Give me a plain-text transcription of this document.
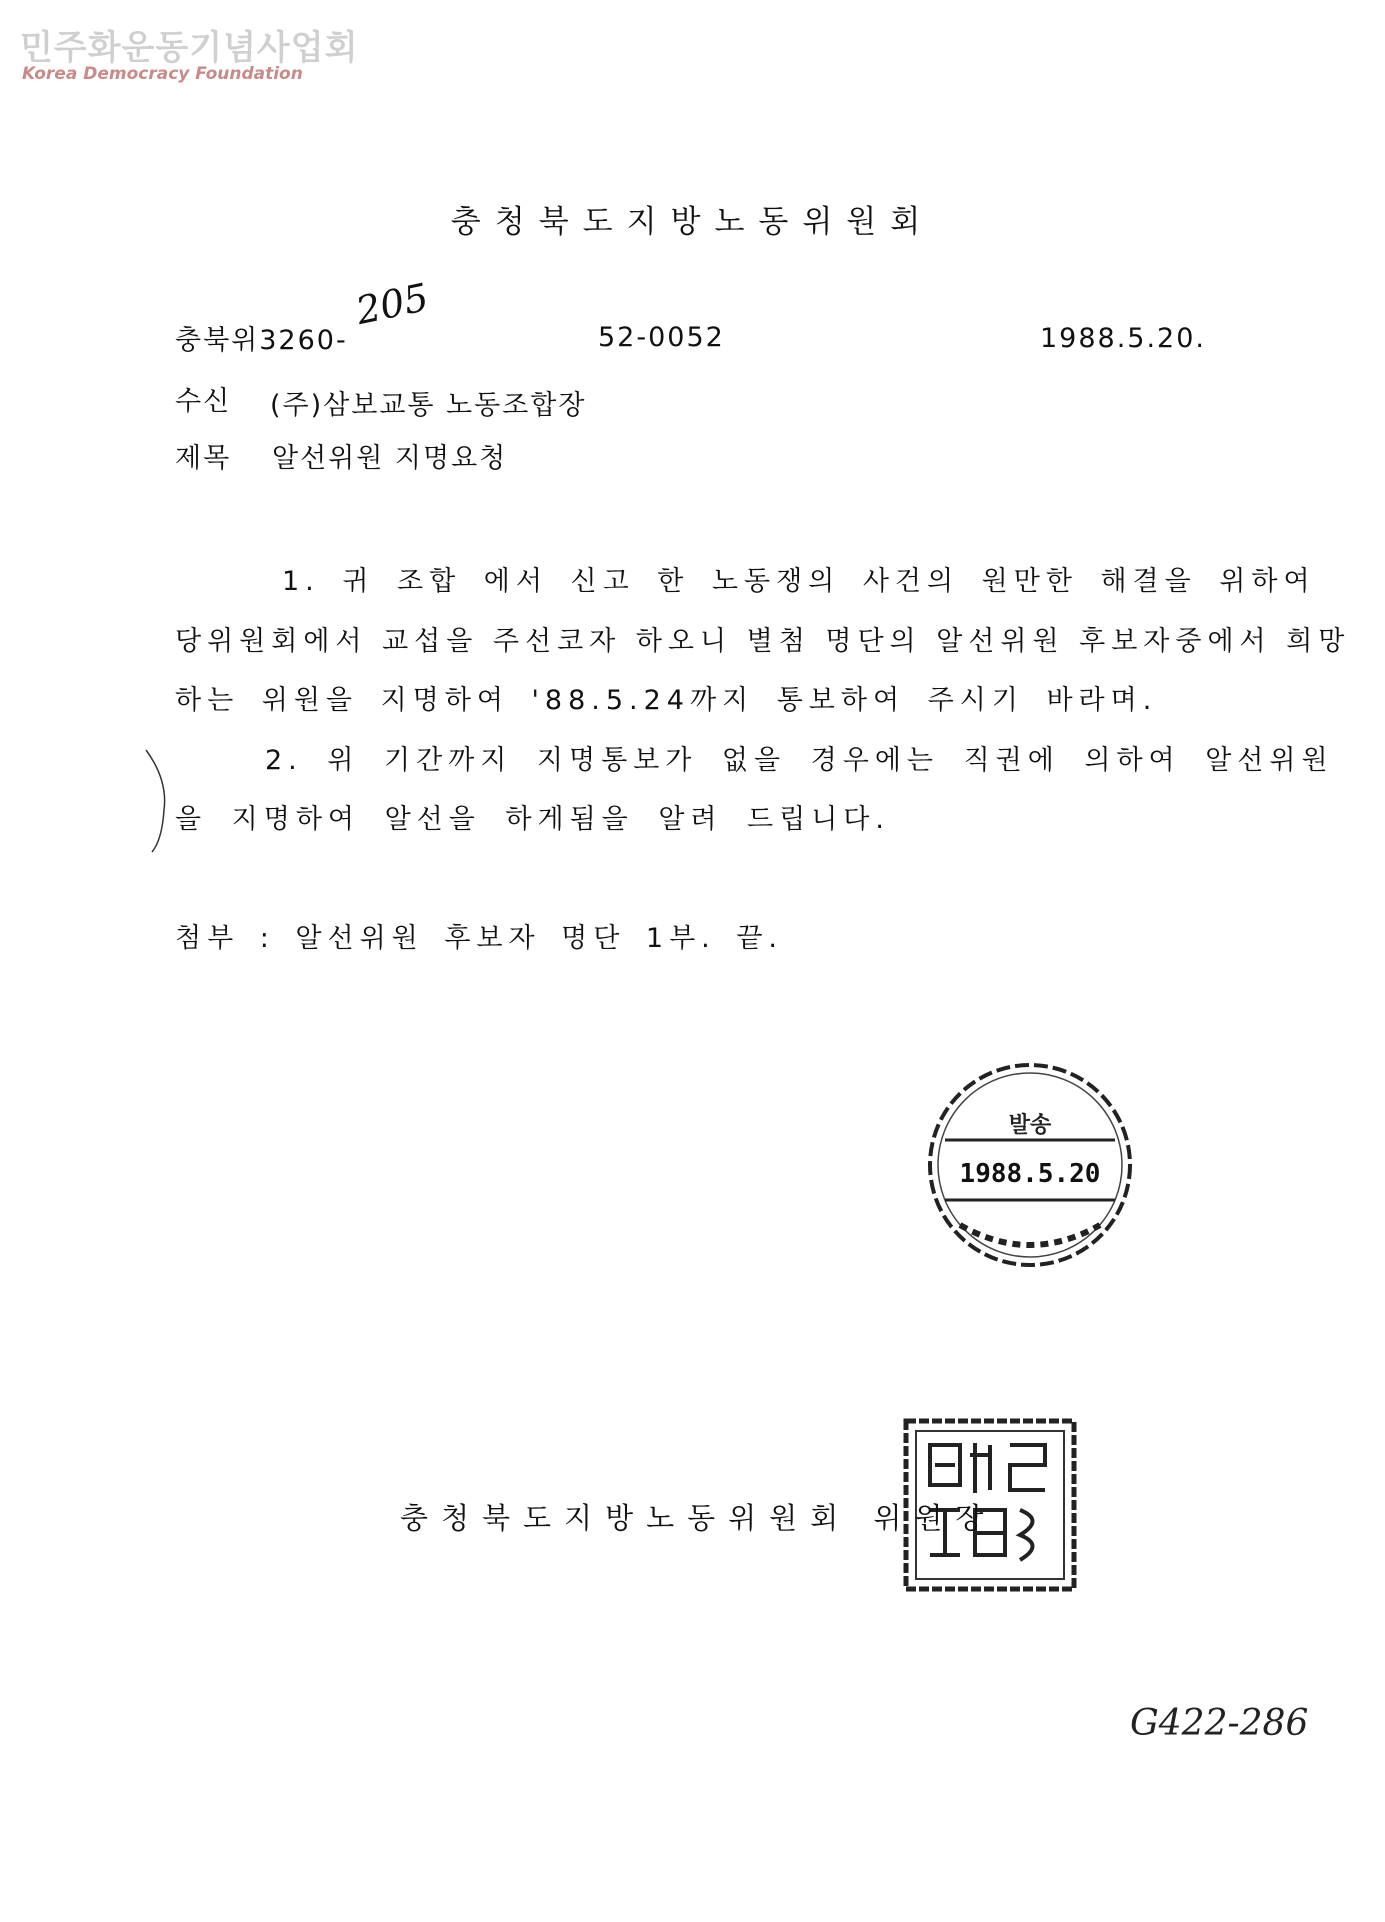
민주화운동기념사업회
Korea Democracy Foundation
충청북도지방노동위원회
충북위3260-
205
52-0052	1988.5.20.
수신 (주)삼보교통 노동조합장
제목 알선위원 지명요청
1. 귀 조합 에서 신고 한 노동쟁의 사건의 원만한 해결을 위하여
당위원회에서 교섭을 주선코자 하오니 별첨 명단의 알선위원 후보자중에서 희망
하는 위원을 지명하여 '88.5.24까지 통보하여 주시기 바라며.
2. 위 기간까지 지명통보가 없을 경우에는 직권에 의하여 알선위원
을 지명하여 알선을 하게됨을 알려 드립니다.
첨부 : 알선위원 후보자 명단 1부. 끝.
발송
1988.5.20
충청북도지방노동위원회 위원장
G422-286
